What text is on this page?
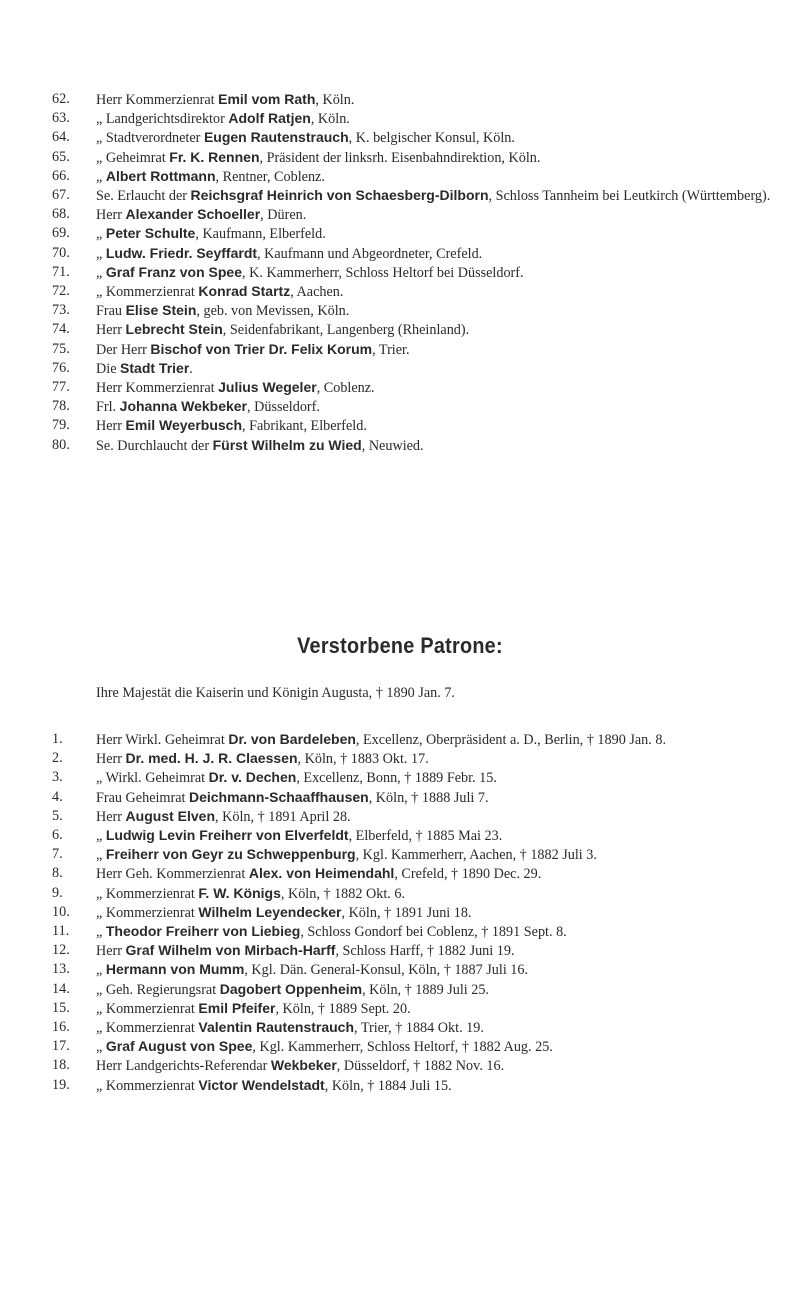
62.	Herr Kommerzienrat Emil vom Rath, Köln.
63.	„ Landgerichtsdirektor Adolf Ratjen, Köln.
64.	„ Stadtverordneter Eugen Rautenstrauch, K. belgischer Konsul, Köln.
65.	„ Geheimrat Fr. K. Rennen, Präsident der linksrh. Eisenbahndirektion, Köln.
66.	„ Albert Rottmann, Rentner, Coblenz.
67.	Se. Erlaucht der Reichsgraf Heinrich von Schaesberg-Dilborn, Schloss Tannheim bei Leutkirch (Württemberg).
68.	Herr Alexander Schoeller, Düren.
69.	„ Peter Schulte, Kaufmann, Elberfeld.
70.	„ Ludw. Friedr. Seyffardt, Kaufmann und Abgeordneter, Crefeld.
71.	„ Graf Franz von Spee, K. Kammerherr, Schloss Heltorf bei Düsseldorf.
72.	„ Kommerzienrat Konrad Startz, Aachen.
73.	Frau Elise Stein, geb. von Mevissen, Köln.
74.	Herr Lebrecht Stein, Seidenfabrikant, Langenberg (Rheinland).
75.	Der Herr Bischof von Trier Dr. Felix Korum, Trier.
76.	Die Stadt Trier.
77.	Herr Kommerzienrat Julius Wegeler, Coblenz.
78.	Frl. Johanna Wekbeker, Düsseldorf.
79.	Herr Emil Weyerbusch, Fabrikant, Elberfeld.
80.	Se. Durchlaucht der Fürst Wilhelm zu Wied, Neuwied.
Verstorbene Patrone:
Ihre Majestät die Kaiserin und Königin Augusta, † 1890 Jan. 7.
1.	Herr Wirkl. Geheimrat Dr. von Bardeleben, Excellenz, Oberpräsident a. D., Berlin, † 1890 Jan. 8.
2.	Herr Dr. med. H. J. R. Claessen, Köln, † 1883 Okt. 17.
3.	„ Wirkl. Geheimrat Dr. v. Dechen, Excellenz, Bonn, † 1889 Febr. 15.
4.	Frau Geheimrat Deichmann-Schaaffhausen, Köln, † 1888 Juli 7.
5.	Herr August Elven, Köln, † 1891 April 28.
6.	„ Ludwig Levin Freiherr von Elverfeldt, Elberfeld, † 1885 Mai 23.
7.	„ Freiherr von Geyr zu Schweppenburg, Kgl. Kammerherr, Aachen, † 1882 Juli 3.
8.	Herr Geh. Kommerzienrat Alex. von Heimendahl, Crefeld, † 1890 Dec. 29.
9.	„ Kommerzienrat F. W. Königs, Köln, † 1882 Okt. 6.
10.	„ Kommerzienrat Wilhelm Leyendecker, Köln, † 1891 Juni 18.
11.	„ Theodor Freiherr von Liebieg, Schloss Gondorf bei Coblenz, † 1891 Sept. 8.
12.	Herr Graf Wilhelm von Mirbach-Harff, Schloss Harff, † 1882 Juni 19.
13.	„ Hermann von Mumm, Kgl. Dän. General-Konsul, Köln, † 1887 Juli 16.
14.	„ Geh. Regierungsrat Dagobert Oppenheim, Köln, † 1889 Juli 25.
15.	„ Kommerzienrat Emil Pfeifer, Köln, † 1889 Sept. 20.
16.	„ Kommerzienrat Valentin Rautenstrauch, Trier, † 1884 Okt. 19.
17.	„ Graf August von Spee, Kgl. Kammerherr, Schloss Heltorf, † 1882 Aug. 25.
18.	Herr Landgerichts-Referendar Wekbeker, Düsseldorf, † 1882 Nov. 16.
19.	„ Kommerzienrat Victor Wendelstadt, Köln, † 1884 Juli 15.
